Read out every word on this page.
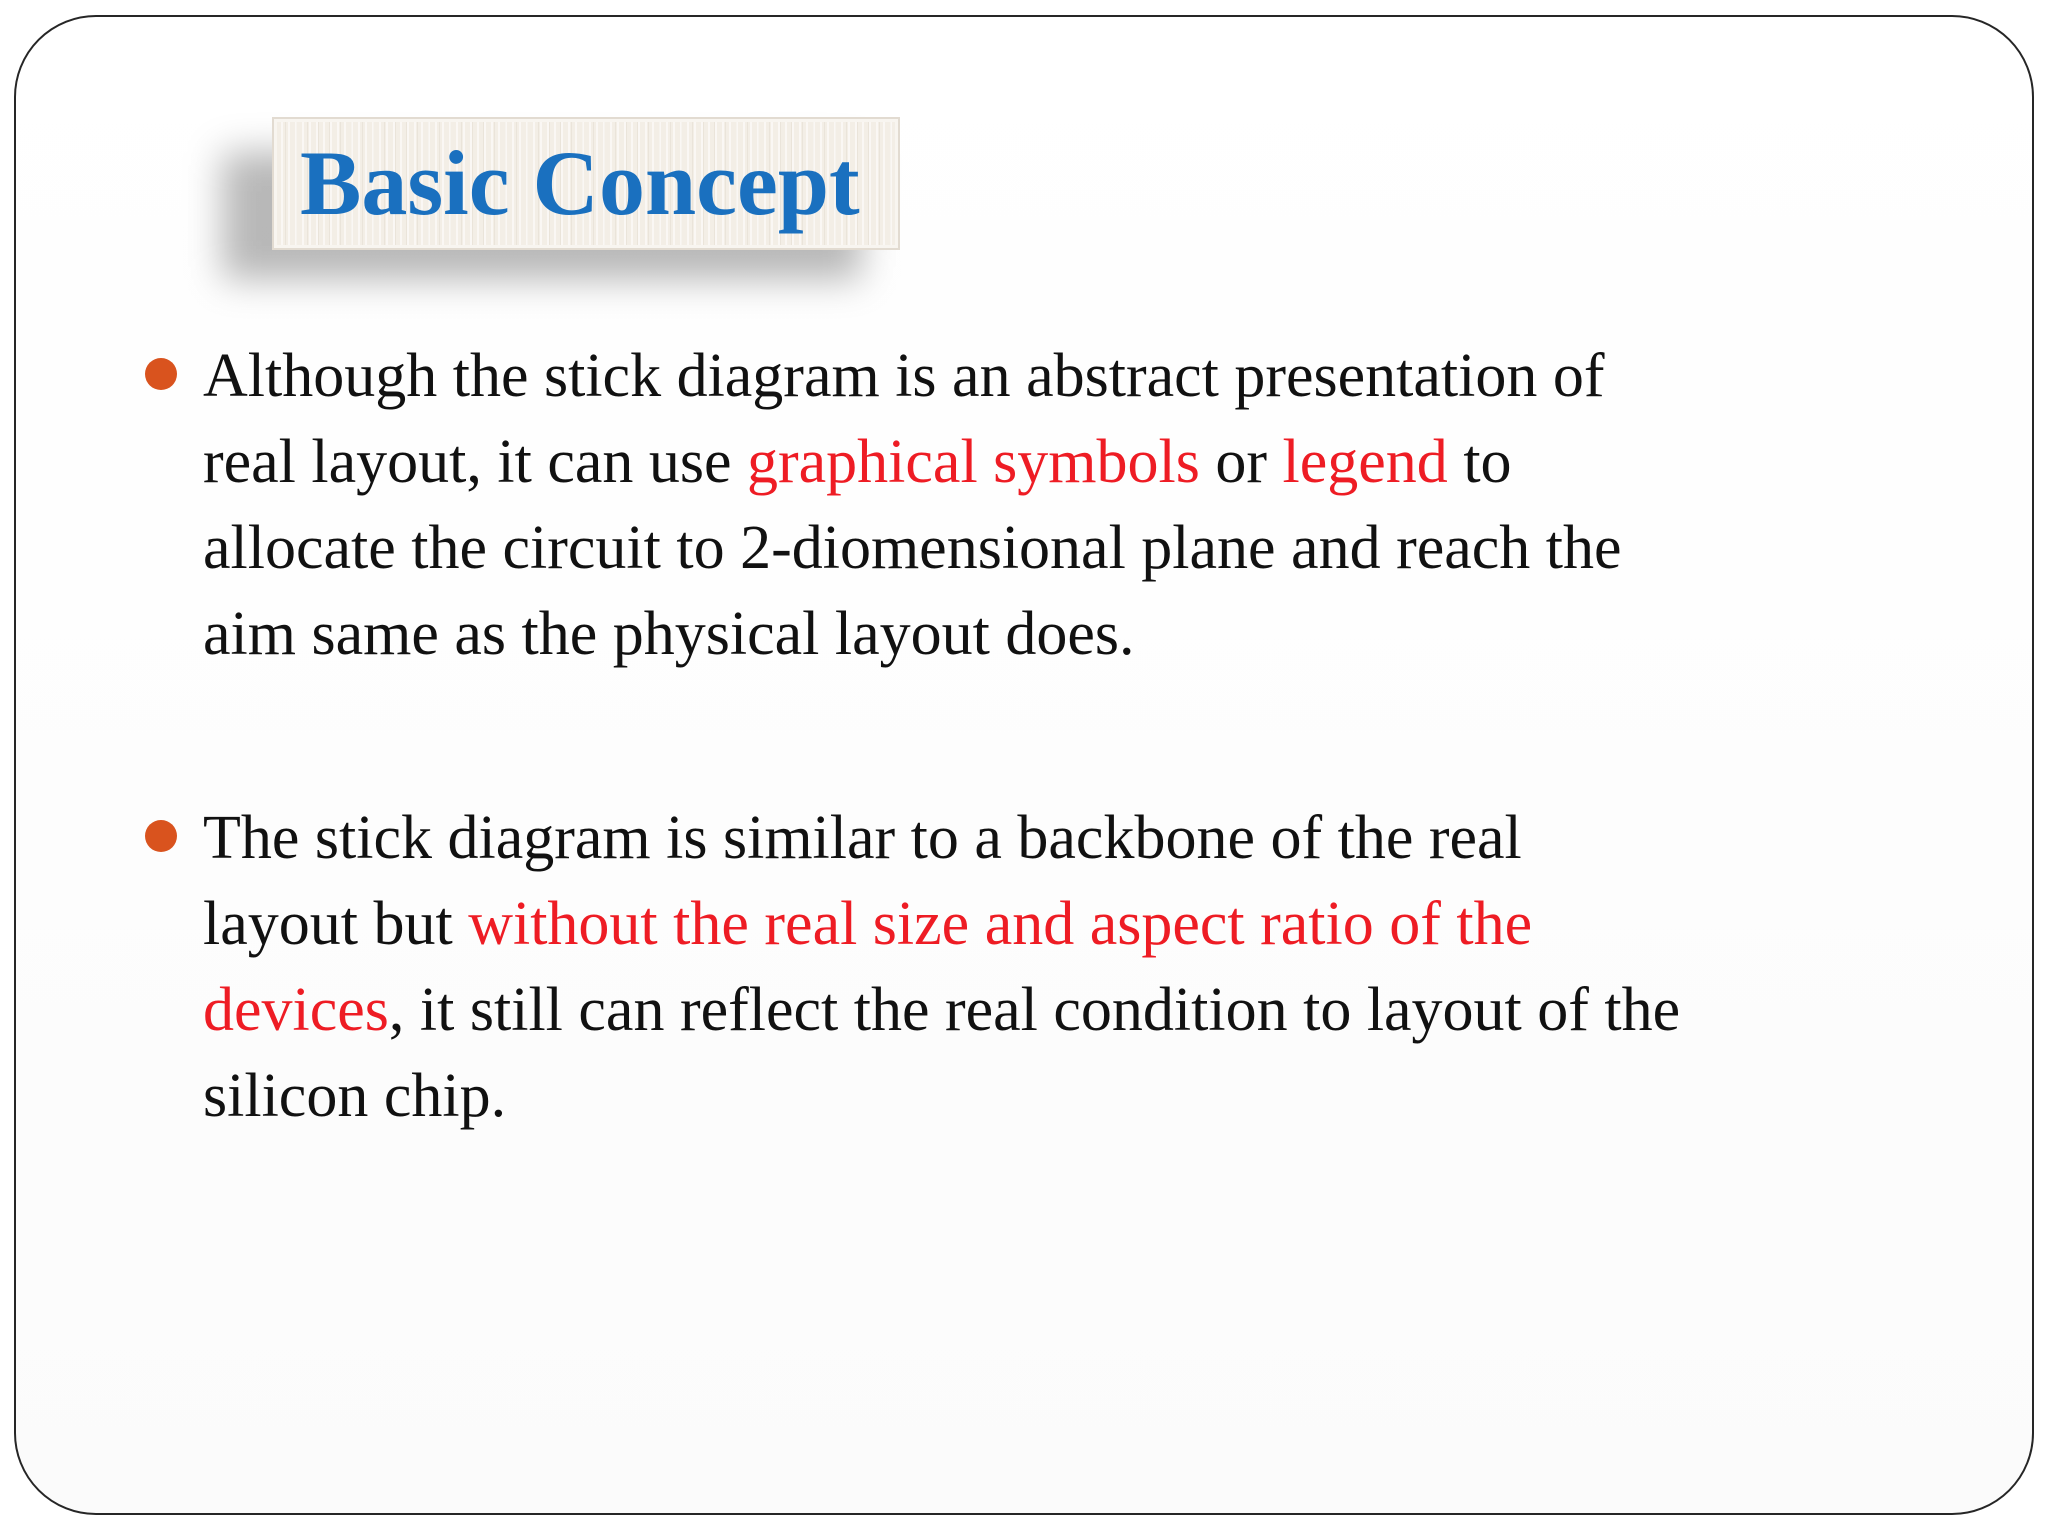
Basic Concept

Although the stick diagram is an abstract presentation of
real layout, it can use graphical symbols or legend to
allocate the circuit to 2-diomensional plane and reach the
aim same as the physical layout does.

The stick diagram is similar to a backbone of the real
layout but without the real size and aspect ratio of the
devices, it still can reflect the real condition to layout of the
silicon chip.
